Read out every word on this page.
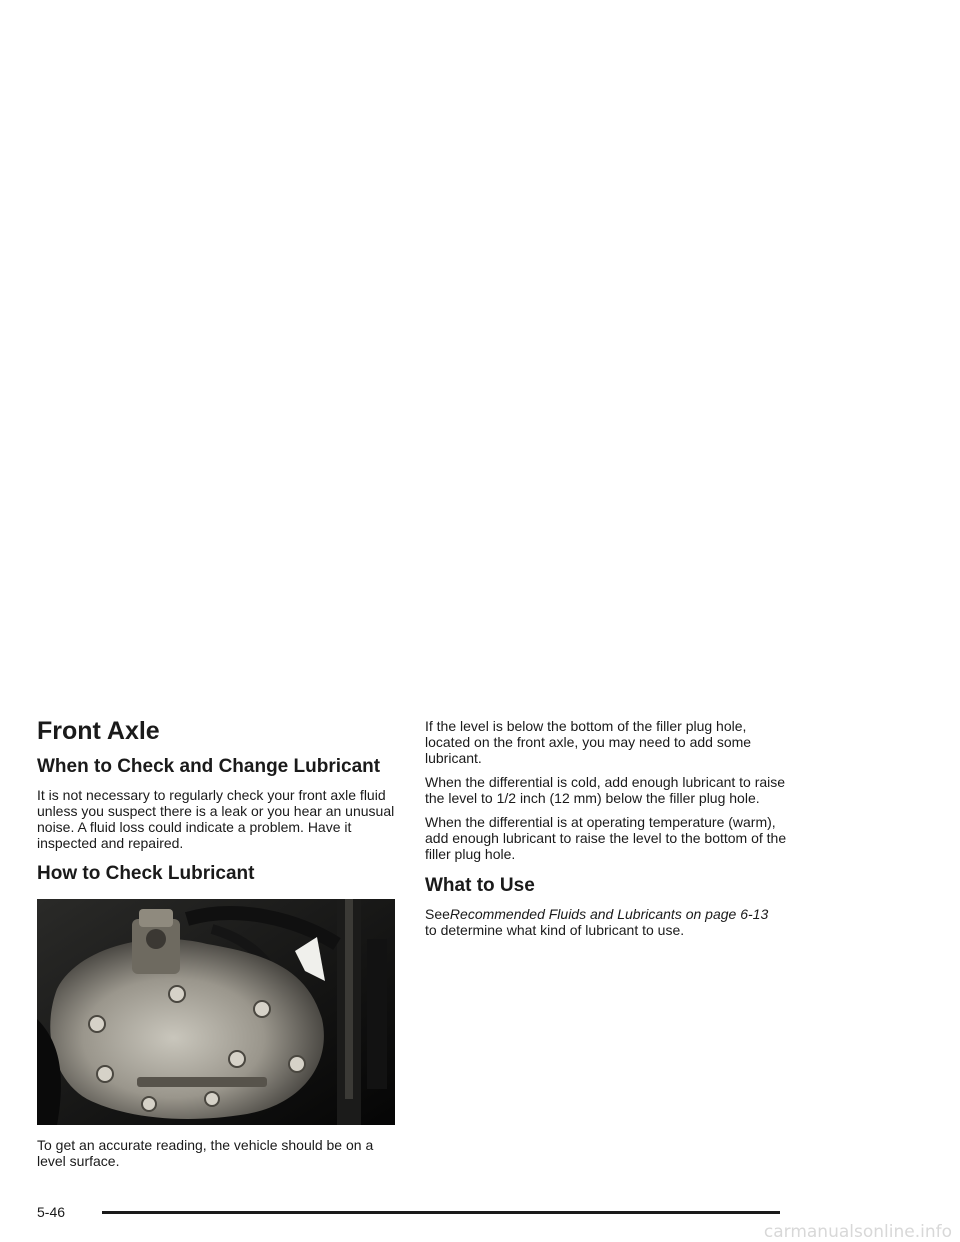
Front Axle
When to Check and Change Lubricant

It is not necessary to regularly check your front axle fluid unless you suspect there is a leak or you hear an unusual noise. A fluid loss could indicate a problem. Have it inspected and repaired.

How to Check Lubricant

To get an accurate reading, the vehicle should be on a level surface.

If the level is below the bottom of the filler plug hole, located on the front axle, you may need to add some lubricant.

When the differential is cold, add enough lubricant to raise the level to 1/2 inch (12 mm) below the filler plug hole.

When the differential is at operating temperature (warm), add enough lubricant to raise the level to the bottom of the filler plug hole.

What to Use

SeeRecommended Fluids and Lubricants on page 6-13
to determine what kind of lubricant to use.

5-46
carmanualsonline.info
